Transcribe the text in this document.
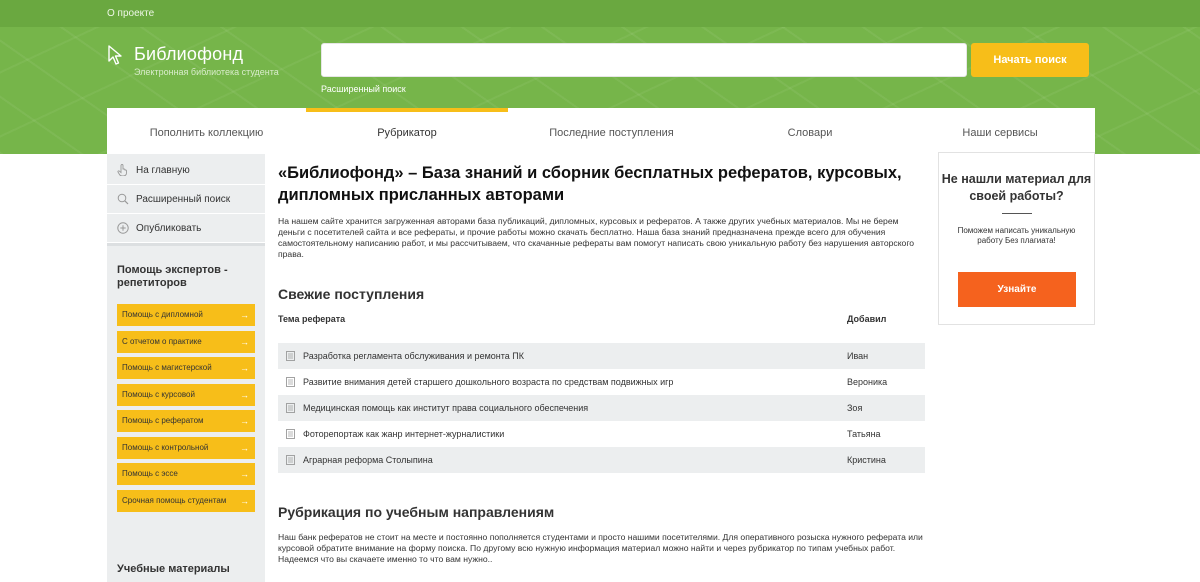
О проекте
Библиофонд
Электронная библиотека студента
Начать поиск
Расширенный поиск
Пополнить коллекцию	Рубрикатор	Последние поступления	Словари	Наши сервисы
На главную
Расширенный поиск
Опубликовать
Помощь экспертов - репетиторов
Помощь с дипломной	→
С отчетом о практике	→
Помощь с магистерской	→
Помощь с курсовой	→
Помощь с рефератом	→
Помощь с контрольной	→
Помощь с эссе	→
Срочная помощь студентам →
Учебные материалы
«Библиофонд» – База знаний и сборник бесплатных рефератов, курсовых, дипломных присланных авторами
На нашем сайте хранится загруженная авторами база публикаций, дипломных, курсовых и рефератов. А также других учебных материалов. Мы не берем деньги с посетителей сайта и все рефераты, и прочие работы можно скачать бесплатно. Наша база знаний предназначена прежде всего для обучения самостоятельному написанию работ, и мы рассчитываем, что скачанные рефераты вам помогут написать свою уникальную работу без нарушения авторского права.
Свежие поступления
Тема реферата	Добавил
Разработка регламента обслуживания и ремонта ПК	Иван
Развитие внимания детей старшего дошкольного возраста по средствам подвижных игр	Вероника
Медицинская помощь как институт права социального обеспечения	Зоя
Фоторепортаж как жанр интернет-журналистики	Татьяна
Аграрная реформа Столыпина	Кристина
Рубрикация по учебным направлениям
Наш банк рефератов не стоит на месте и постоянно пополняется студентами и просто нашими посетителями. Для оперативного розыска нужного реферата или курсовой обратите внимание на форму поиска. По другому всю нужную информация материал можно найти и через рубрикатор по типам учебных работ. Надеемся что вы скачаете именно то что вам нужно..
Не нашли материал для своей работы?
Поможем написать уникальную работу Без плагиата!
Узнайте
